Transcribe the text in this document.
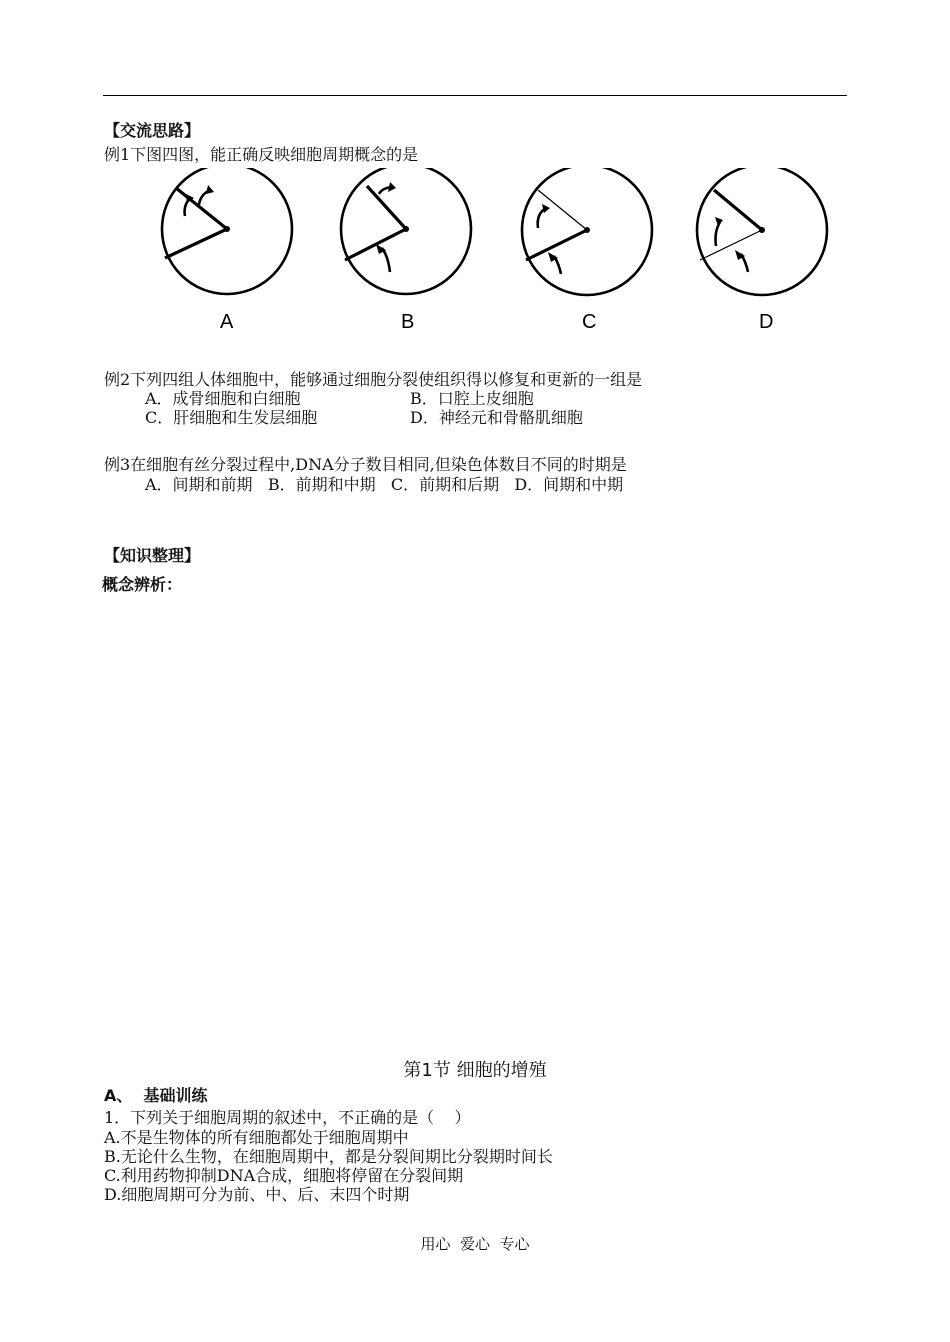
【交流思路】
例1下图四图，能正确反映细胞周期概念的是
A	B	C	D
例2下列四组人体细胞中，能够通过细胞分裂使组织得以修复和更新的一组是
A．成骨细胞和白细胞	B．口腔上皮细胞
C．肝细胞和生发层细胞	D．神经元和骨骼肌细胞
例3在细胞有丝分裂过程中,DNA分子数目相同,但染色体数目不同的时期是
A．间期和前期   B．前期和中期   C．前期和后期   D．间期和中期
【知识整理】
概念辨析：
第1节 细胞的增殖
A、  基础训练
1．下列关于细胞周期的叙述中，不正确的是（    ）
A.不是生物体的所有细胞都处于细胞周期中
B.无论什么生物，在细胞周期中，都是分裂间期比分裂期时间长
C.利用药物抑制DNA合成，细胞将停留在分裂间期
D.细胞周期可分为前、中、后、末四个时期
用心  爱心  专心
